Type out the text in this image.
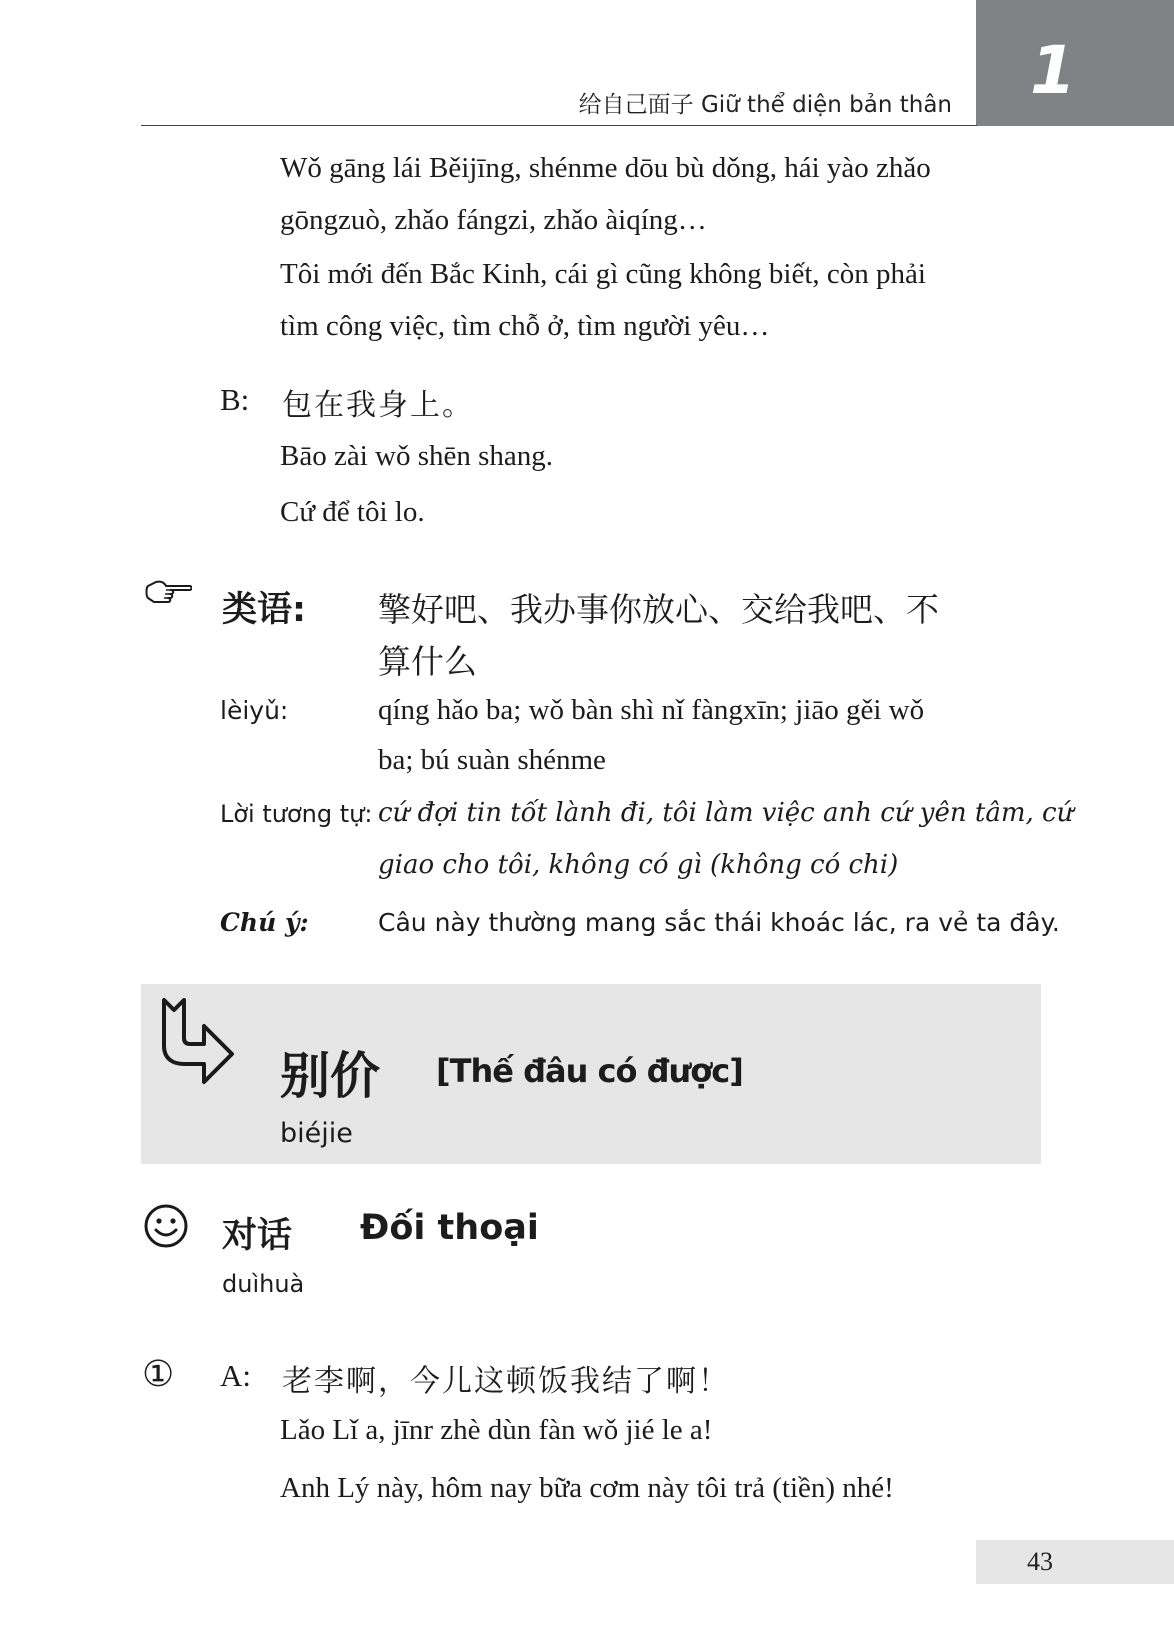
1
给自己面子 Giữ thể diện bản thân
Wǒ gāng lái Běijīng, shénme dōu bù dǒng, hái yào zhǎo
gōngzuò, zhǎo fángzi, zhǎo àiqíng…
Tôi mới đến Bắc Kinh, cái gì cũng không biết, còn phải
tìm công việc, tìm chỗ ở, tìm người yêu…
B: 包在我身上。
Bāo zài wǒ shēn shang.
Cứ để tôi lo.
类语: 擎好吧、我办事你放心、交给我吧、不
算什么
lèiyǔ:	qíng hǎo ba; wǒ bàn shì nǐ fàngxīn; jiāo gěi wǒ
ba; bú suàn shénme
Lời tương tự: cứ đợi tin tốt lành đi, tôi làm việc anh cứ yên tâm, cứ
giao cho tôi, không có gì (không có chi)
Chú ý:	Câu này thường mang sắc thái khoác lác, ra vẻ ta đây.
别价 [Thế đâu có được]
biéjie
对话 Đối thoại
duìhuà
① A: 老李啊，今儿这顿饭我结了啊！
Lǎo Lǐ a, jīnr zhè dùn fàn wǒ jié le a!
Anh Lý này, hôm nay bữa cơm này tôi trả (tiền) nhé!
43
